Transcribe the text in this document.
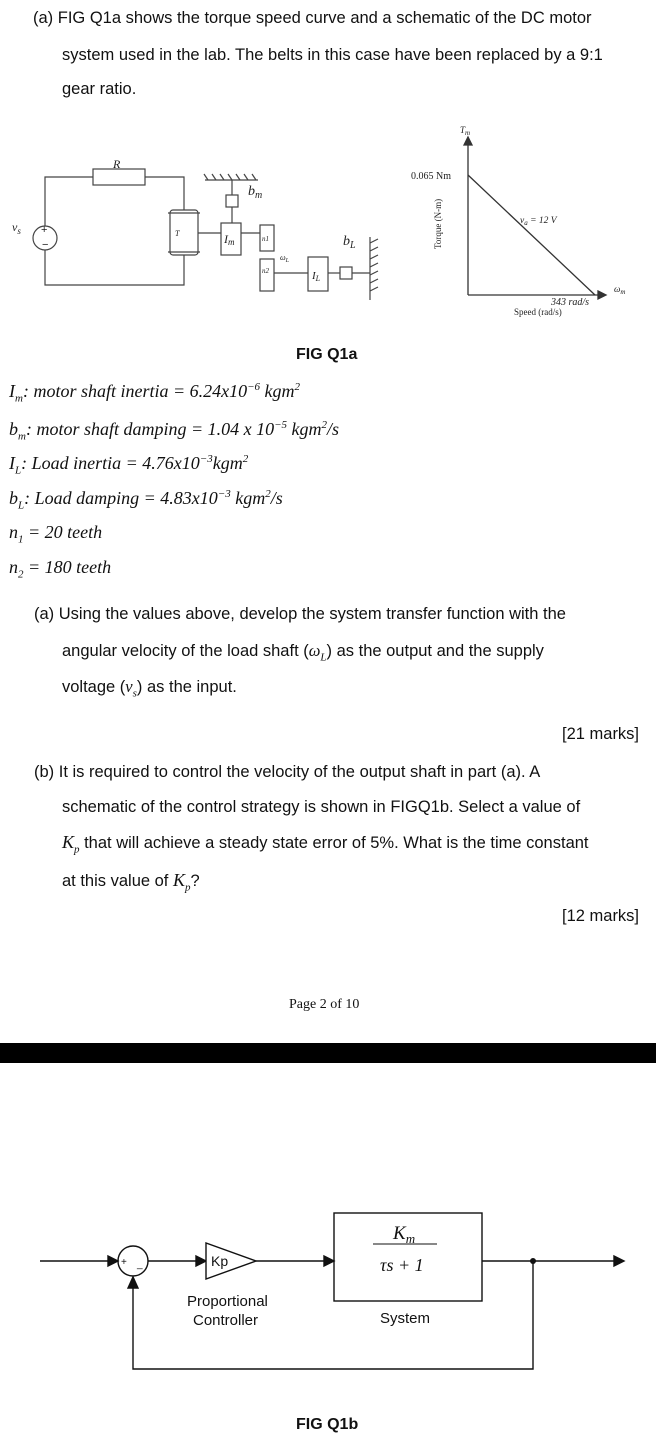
(a) FIG Q1a shows the torque speed curve and a schematic of the DC motor
system used in the lab. The belts in this case have been replaced by a 9:1
gear ratio.
R
$v_s$ +
−
$b_m$
T	Im	n1
n2
$\omega_L$
$b_L$
IL
$T_m$
0.065 Nm
Torque (N-m)	$v_a = 12$ V
343 rad/s
Speed (rad/s)
$\omega_m$
FIG Q1a
$I_m$: motor shaft inertia = $6.24x10^{-6}$ kgm$^2$
$b_m$: motor shaft damping = 1.04 x $10^{-5}$ kgm$^2$/s
$I_L$: Load inertia = $4.76x10^{-3}kgm^2$
$b_L$: Load damping = $4.83x10^{-3}$ kgm$^2$/s
$n_1 = 20$ teeth
$n_2 = 180$ teeth
(a) Using the values above, develop the system transfer function with the
angular velocity of the load shaft $(\omega_L)$ as the output and the supply
voltage $(v_s)$ as the input.
[21 marks]
(b) It is required to control the velocity of the output shaft in part (a). A
schematic of the control strategy is shown in FIGQ1b. Select a value of
$K_p$ that will achieve a steady state error of 5%. What is the time constant
at this value of $K_p$?
[12 marks]
Page 2 of 10
+ _	Kp
Proportional
Controller
$K_m$
τs + 1
System
FIG Q1b
